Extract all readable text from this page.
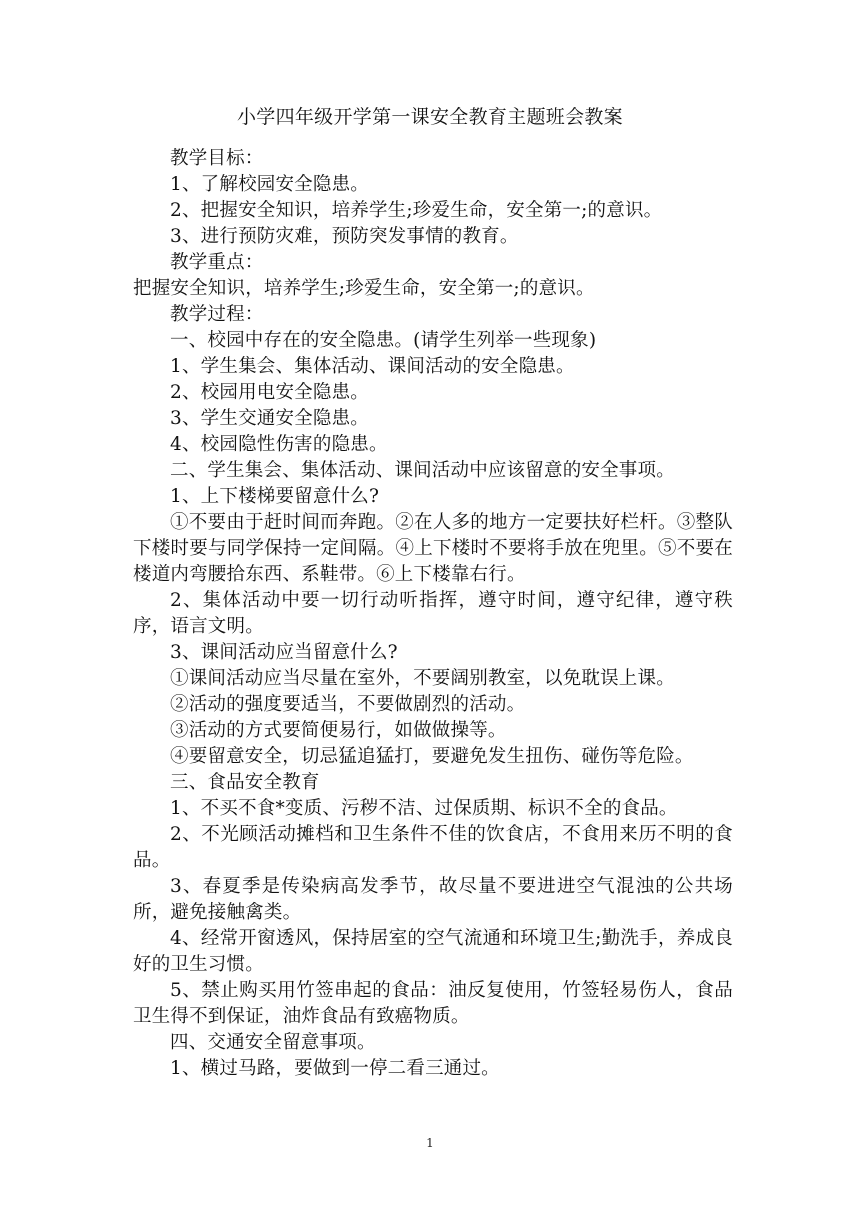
小学四年级开学第一课安全教育主题班会教案

教学目标：

1、了解校园安全隐患。

2、把握安全知识，培养学生;珍爱生命，安全第一;的意识。

3、进行预防灾难，预防突发事情的教育。

教学重点：

把握安全知识，培养学生;珍爱生命，安全第一;的意识。

教学过程：

一、校园中存在的安全隐患。(请学生列举一些现象)

1、学生集会、集体活动、课间活动的安全隐患。

2、校园用电安全隐患。

3、学生交通安全隐患。

4、校园隐性伤害的隐患。

二、学生集会、集体活动、课间活动中应该留意的安全事项。

1、上下楼梯要留意什么?

①不要由于赶时间而奔跑。②在人多的地方一定要扶好栏杆。③整队下楼时要与同学保持一定间隔。④上下楼时不要将手放在兜里。⑤不要在楼道内弯腰拾东西、系鞋带。⑥上下楼靠右行。

2、集体活动中要一切行动听指挥，遵守时间，遵守纪律，遵守秩序，语言文明。

3、课间活动应当留意什么?

①课间活动应当尽量在室外，不要阔别教室，以免耽误上课。

②活动的强度要适当，不要做剧烈的活动。

③活动的方式要简便易行，如做做操等。

④要留意安全，切忌猛追猛打，要避免发生扭伤、碰伤等危险。

三、食品安全教育

1、不买不食*变质、污秽不洁、过保质期、标识不全的食品。

2、不光顾活动摊档和卫生条件不佳的饮食店，不食用来历不明的食品。

3、春夏季是传染病高发季节，故尽量不要进进空气混浊的公共场所，避免接触禽类。

4、经常开窗透风，保持居室的空气流通和环境卫生;勤洗手，养成良好的卫生习惯。

5、禁止购买用竹签串起的食品：油反复使用，竹签轻易伤人，食品卫生得不到保证，油炸食品有致癌物质。

四、交通安全留意事项。

1、横过马路，要做到一停二看三通过。

1
